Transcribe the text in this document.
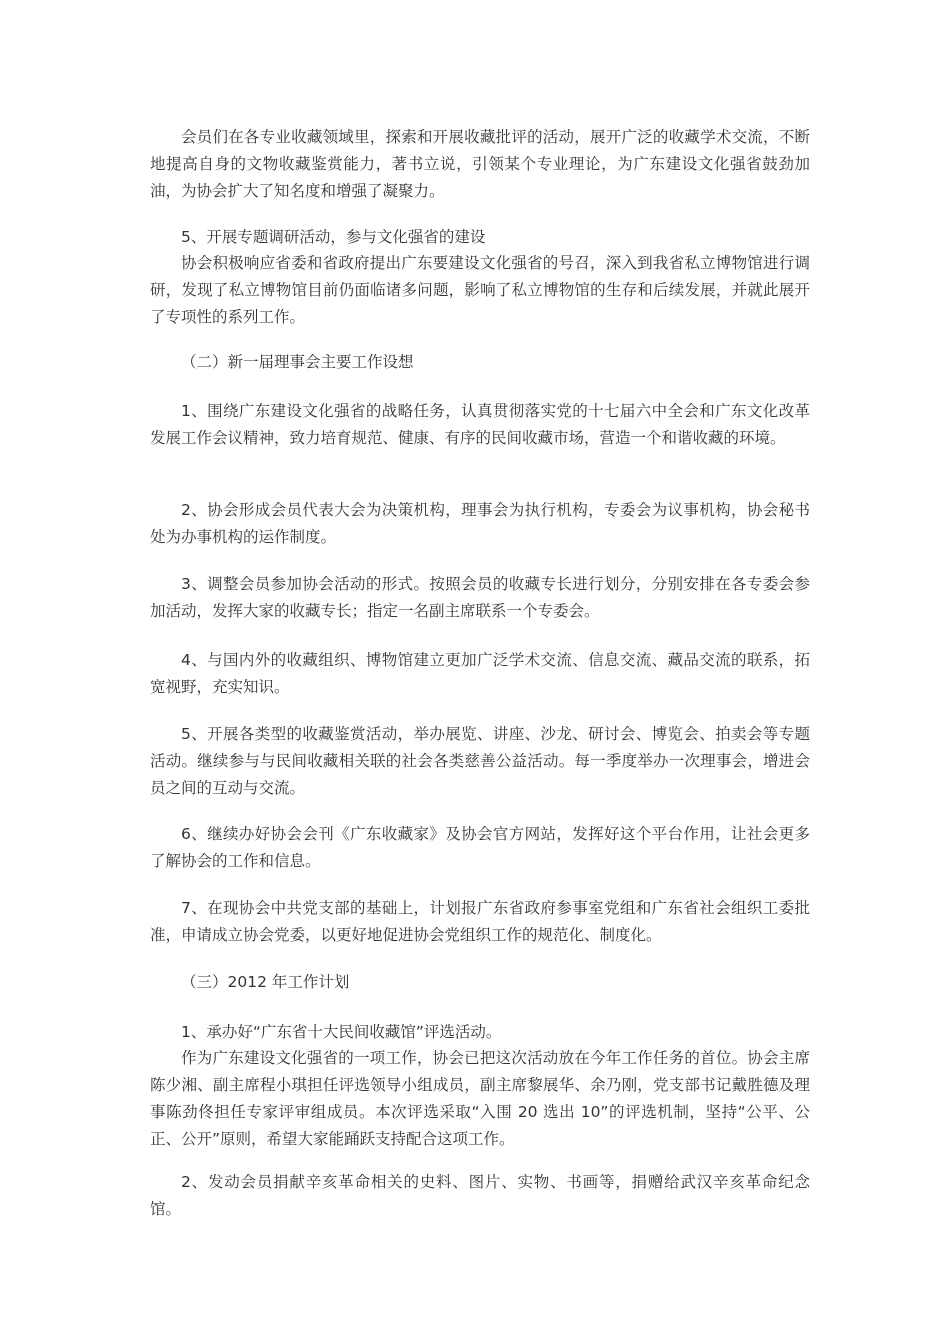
会员们在各专业收藏领域里，探索和开展收藏批评的活动，展开广泛的收藏学术交流，不断地提高自身的文物收藏鉴赏能力，著书立说，引领某个专业理论，为广东建设文化强省鼓劲加油，为协会扩大了知名度和增强了凝聚力。

5、开展专题调研活动，参与文化强省的建设

协会积极响应省委和省政府提出广东要建设文化强省的号召，深入到我省私立博物馆进行调研，发现了私立博物馆目前仍面临诸多问题，影响了私立博物馆的生存和后续发展，并就此展开了专项性的系列工作。

（二）新一届理事会主要工作设想

1、围绕广东建设文化强省的战略任务，认真贯彻落实党的十七届六中全会和广东文化改革发展工作会议精神，致力培育规范、健康、有序的民间收藏市场，营造一个和谐收藏的环境。

2、协会形成会员代表大会为决策机构，理事会为执行机构，专委会为议事机构，协会秘书处为办事机构的运作制度。

3、调整会员参加协会活动的形式。按照会员的收藏专长进行划分，分别安排在各专委会参加活动，发挥大家的收藏专长；指定一名副主席联系一个专委会。

4、与国内外的收藏组织、博物馆建立更加广泛学术交流、信息交流、藏品交流的联系，拓宽视野，充实知识。

5、开展各类型的收藏鉴赏活动，举办展览、讲座、沙龙、研讨会、博览会、拍卖会等专题活动。继续参与与民间收藏相关联的社会各类慈善公益活动。每一季度举办一次理事会，增进会员之间的互动与交流。

6、继续办好协会会刊《广东收藏家》及协会官方网站，发挥好这个平台作用，让社会更多了解协会的工作和信息。

7、在现协会中共党支部的基础上，计划报广东省政府参事室党组和广东省社会组织工委批准，申请成立协会党委，以更好地促进协会党组织工作的规范化、制度化。

（三）2012 年工作计划

1、承办好“广东省十大民间收藏馆”评选活动。

作为广东建设文化强省的一项工作，协会已把这次活动放在今年工作任务的首位。协会主席陈少湘、副主席程小琪担任评选领导小组成员，副主席黎展华、余乃刚，党支部书记戴胜德及理事陈劲佟担任专家评审组成员。本次评选采取“入围 20 选出 10”的评选机制，坚持“公平、公正、公开”原则，希望大家能踊跃支持配合这项工作。

2、发动会员捐献辛亥革命相关的史料、图片、实物、书画等，捐赠给武汉辛亥革命纪念馆。
